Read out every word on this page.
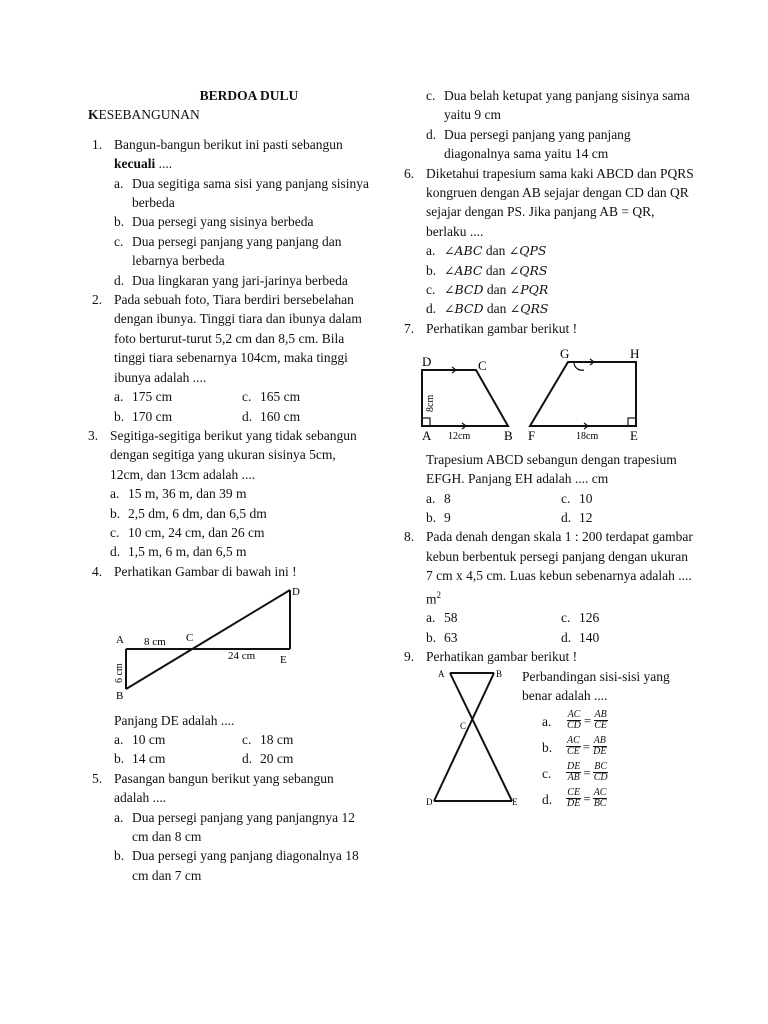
BERDOA DULU
KESEBANGUNAN
1. Bangun-bangun berikut ini pasti sebangun kecuali ....
a. Dua segitiga sama sisi yang panjang sisinya berbeda
b. Dua persegi yang sisinya berbeda
c. Dua persegi panjang yang panjang dan lebarnya berbeda
d. Dua lingkaran yang jari-jarinya berbeda
2. Pada sebuah foto, Tiara berdiri bersebelahan dengan ibunya. Tinggi tiara dan ibunya dalam foto berturut-turut 5,2 cm dan 8,5 cm. Bila tinggi tiara sebenarnya 104cm, maka tinggi ibunya adalah ....
a. 175 cm	c. 165 cm
b. 170 cm	d. 160 cm
3. Segitiga-segitiga berikut yang tidak sebangun dengan segitiga yang ukuran sisinya 5cm, 12cm, dan 13cm adalah ....
a. 15 m, 36 m, dan 39 m
b. 2,5 dm, 6 dm, dan 6,5 dm
c. 10 cm, 24 cm, dan 26 cm
d. 1,5 m, 6 m, dan 6,5 m
4. Perhatikan Gambar di bawah ini !
A
B
C
D
E
8 cm
24 cm
6 cm
Panjang DE adalah ....
a. 10 cm	c. 18 cm
b. 14 cm	d. 20 cm
5. Pasangan bangun berikut yang sebangun adalah ....
a. Dua persegi panjang yang panjangnya 12 cm dan 8 cm
b. Dua persegi yang panjang diagonalnya 18 cm dan 7 cm
c. Dua belah ketupat yang panjang sisinya sama yaitu 9 cm
d. Dua persegi panjang yang panjang diagonalnya sama yaitu 14 cm
6. Diketahui trapesium sama kaki ABCD dan PQRS kongruen dengan AB sejajar dengan CD dan QR sejajar dengan PS. Jika panjang AB = QR, berlaku ....
a. ∠ABC dan ∠QPS
b. ∠ABC dan ∠QRS
c. ∠BCD dan ∠PQR
d. ∠BCD dan ∠QRS
7. Perhatikan gambar berikut !
D	C
A	B F	E
G	H
12cm	18cm
8cm
Trapesium ABCD sebangun dengan trapesium EFGH. Panjang EH adalah .... cm
a. 8	c. 10
b. 9	d. 12
8. Pada denah dengan skala 1 : 200 terdapat gambar kebun berbentuk persegi panjang dengan ukuran 7 cm x 4,5 cm. Luas kebun sebenarnya adalah .... $m^2$
a. 58	c. 126
b. 63	d. 140
9. Perhatikan gambar berikut !
A	B
C
D	E
Perbandingan sisi-sisi yang benar adalah ....
a. $\frac{AC}{CD} = \frac{AB}{CE}$
b. $\frac{AC}{CE} = \frac{AB}{DE}$
c. $\frac{DE}{AB} = \frac{BC}{CD}$
d. $\frac{CE}{DE} = \frac{AC}{BC}$
